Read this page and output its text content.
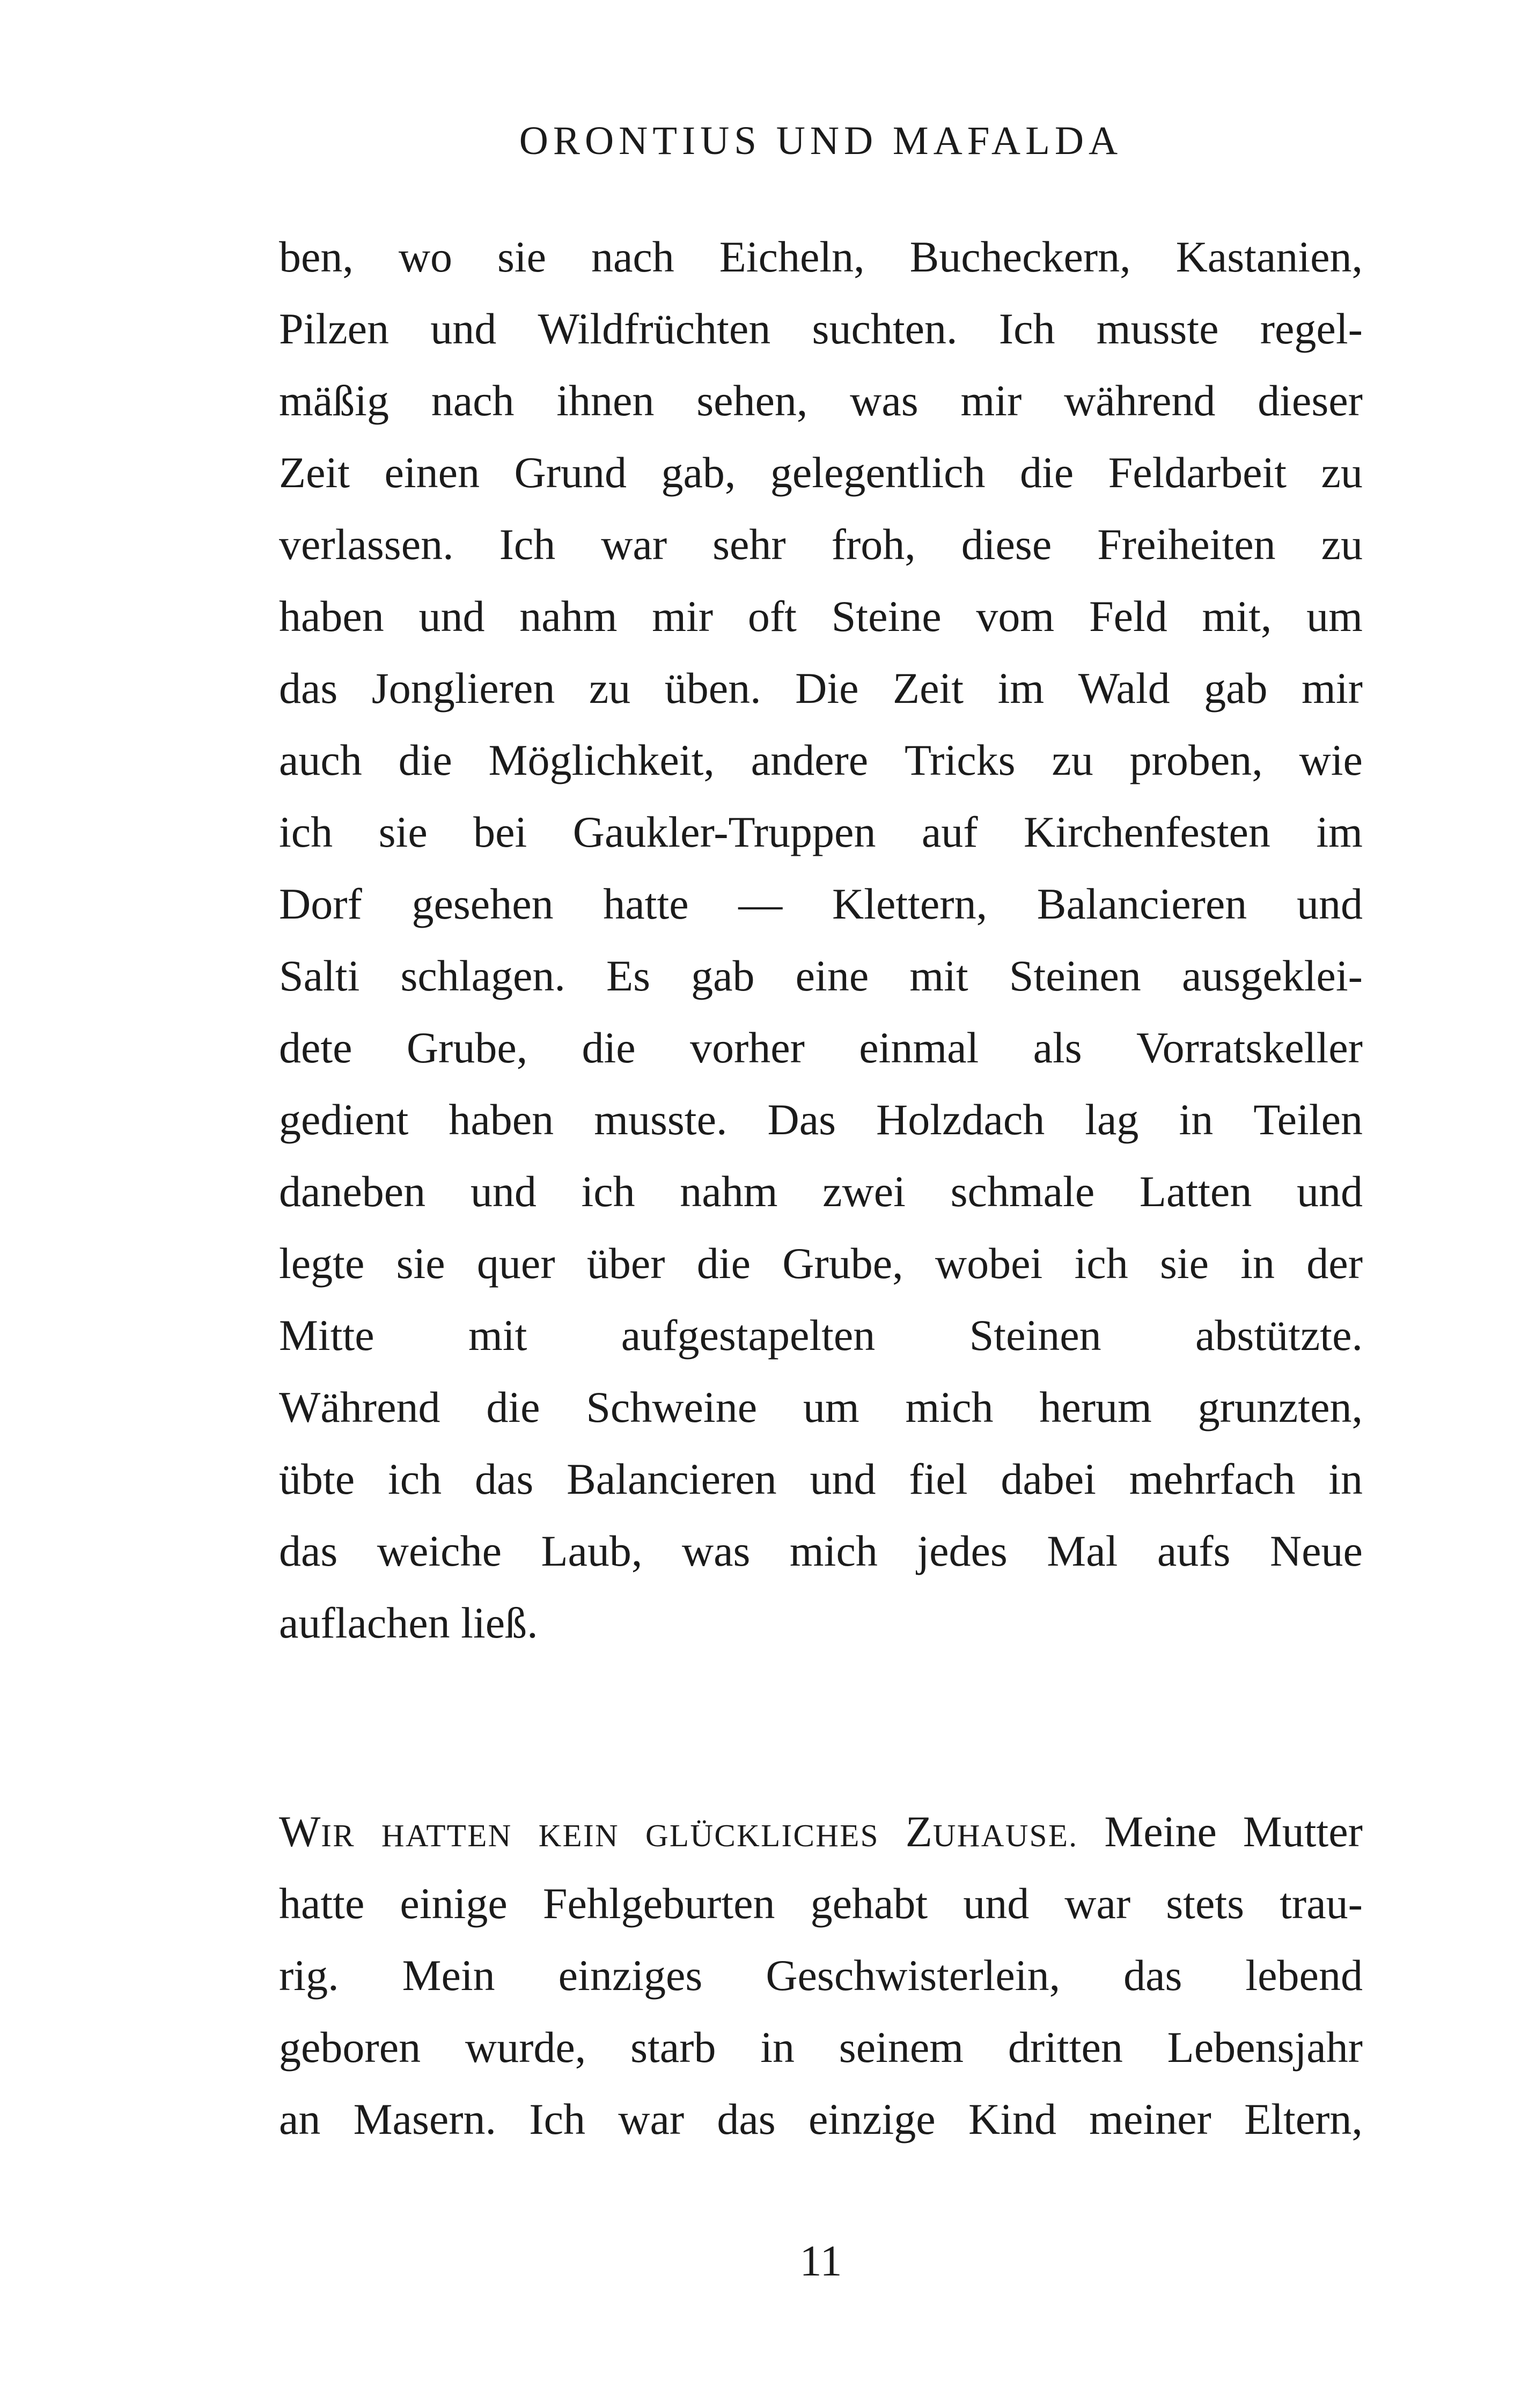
ORONTIUS UND MAFALDA
ben, wo sie nach Eicheln, Bucheckern, Kastanien,
Pilzen und Wildfrüchten suchten. Ich musste regel-
mäßig nach ihnen sehen, was mir während dieser
Zeit einen Grund gab, gelegentlich die Feldarbeit zu
verlassen. Ich war sehr froh, diese Freiheiten zu
haben und nahm mir oft Steine vom Feld mit, um
das Jonglieren zu üben. Die Zeit im Wald gab mir
auch die Möglichkeit, andere Tricks zu proben, wie
ich sie bei Gaukler-Truppen auf Kirchenfesten im
Dorf gesehen hatte — Klettern, Balancieren und
Salti schlagen. Es gab eine mit Steinen ausgeklei-
dete Grube, die vorher einmal als Vorratskeller
gedient haben musste. Das Holzdach lag in Teilen
daneben und ich nahm zwei schmale Latten und
legte sie quer über die Grube, wobei ich sie in der
Mitte mit aufgestapelten Steinen abstützte.
Während die Schweine um mich herum grunzten,
übte ich das Balancieren und fiel dabei mehrfach in
das weiche Laub, was mich jedes Mal aufs Neue
auflachen ließ.
WIR HATTEN KEIN GLÜCKLICHES ZUHAUSE. Meine Mutter
hatte einige Fehlgeburten gehabt und war stets trau-
rig. Mein einziges Geschwisterlein, das lebend
geboren wurde, starb in seinem dritten Lebensjahr
an Masern. Ich war das einzige Kind meiner Eltern,
11
